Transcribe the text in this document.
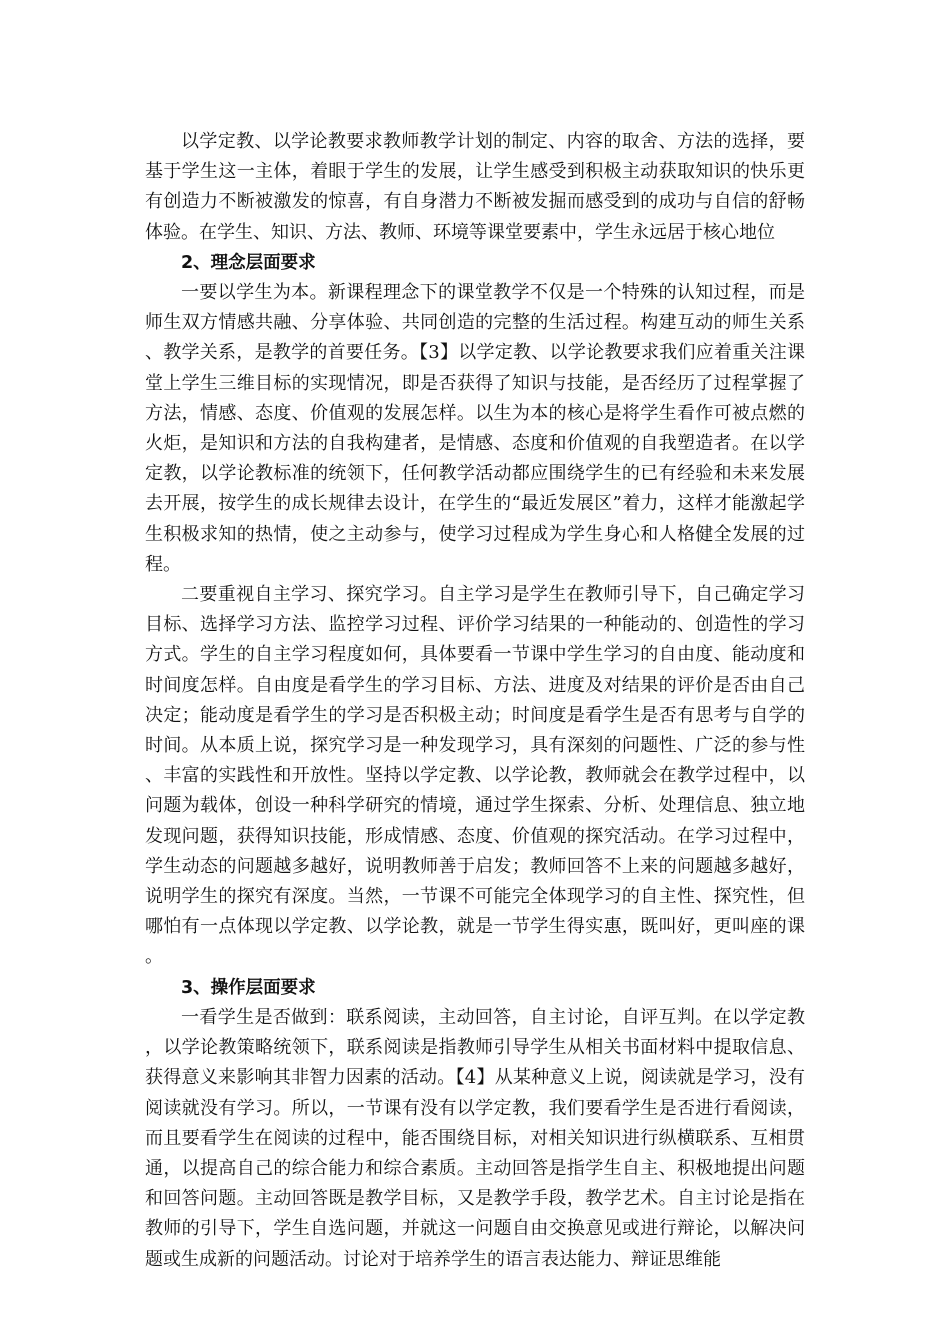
以学定教、以学论教要求教师教学计划的制定、内容的取舍、方法的选择，要基于学生这一主体，着眼于学生的发展，让学生感受到积极主动获取知识的快乐更有创造力不断被激发的惊喜，有自身潜力不断被发掘而感受到的成功与自信的舒畅体验。在学生、知识、方法、教师、环境等课堂要素中，学生永远居于核心地位

2、理念层面要求

一要以学生为本。新课程理念下的课堂教学不仅是一个特殊的认知过程，而是师生双方情感共融、分享体验、共同创造的完整的生活过程。构建互动的师生关系、教学关系，是教学的首要任务。【3】以学定教、以学论教要求我们应着重关注课堂上学生三维目标的实现情况，即是否获得了知识与技能，是否经历了过程掌握了方法，情感、态度、价值观的发展怎样。以生为本的核心是将学生看作可被点燃的火炬，是知识和方法的自我构建者，是情感、态度和价值观的自我塑造者。在以学定教，以学论教标准的统领下，任何教学活动都应围绕学生的已有经验和未来发展去开展，按学生的成长规律去设计，在学生的“最近发展区”着力，这样才能激起学生积极求知的热情，使之主动参与，使学习过程成为学生身心和人格健全发展的过程。

二要重视自主学习、探究学习。自主学习是学生在教师引导下，自己确定学习目标、选择学习方法、监控学习过程、评价学习结果的一种能动的、创造性的学习方式。学生的自主学习程度如何，具体要看一节课中学生学习的自由度、能动度和时间度怎样。自由度是看学生的学习目标、方法、进度及对结果的评价是否由自己决定；能动度是看学生的学习是否积极主动；时间度是看学生是否有思考与自学的时间。从本质上说，探究学习是一种发现学习，具有深刻的问题性、广泛的参与性、丰富的实践性和开放性。坚持以学定教、以学论教，教师就会在教学过程中，以问题为载体，创设一种科学研究的情境，通过学生探索、分析、处理信息、独立地发现问题，获得知识技能，形成情感、态度、价值观的探究活动。在学习过程中，学生动态的问题越多越好，说明教师善于启发；教师回答不上来的问题越多越好，说明学生的探究有深度。当然，一节课不可能完全体现学习的自主性、探究性，但哪怕有一点体现以学定教、以学论教，就是一节学生得实惠，既叫好，更叫座的课。

3、操作层面要求

一看学生是否做到：联系阅读，主动回答，自主讨论，自评互判。在以学定教，以学论教策略统领下，联系阅读是指教师引导学生从相关书面材料中提取信息、获得意义来影响其非智力因素的活动。【4】从某种意义上说，阅读就是学习，没有阅读就没有学习。所以，一节课有没有以学定教，我们要看学生是否进行看阅读，而且要看学生在阅读的过程中，能否围绕目标，对相关知识进行纵横联系、互相贯通，以提高自己的综合能力和综合素质。主动回答是指学生自主、积极地提出问题和回答问题。主动回答既是教学目标，又是教学手段，教学艺术。自主讨论是指在教师的引导下，学生自选问题，并就这一问题自由交换意见或进行辩论，以解决问题或生成新的问题活动。讨论对于培养学生的语言表达能力、辩证思维能
